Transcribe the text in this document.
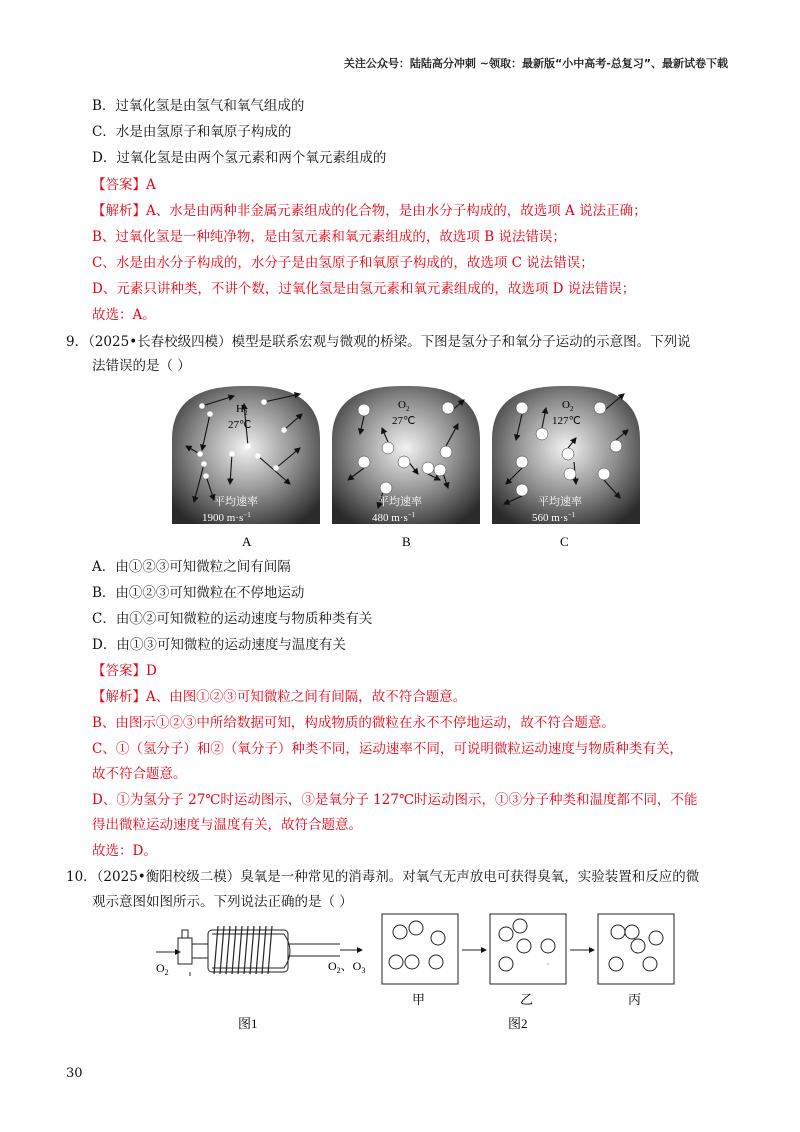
关注公众号：陆陆高分冲刺 ~领取：最新版“小中高考-总复习”、最新试卷下载
B．过氧化氢是由氢气和氧气组成的
C．水是由氢原子和氧原子构成的
D．过氧化氢是由两个氢元素和两个氧元素组成的
【答案】A
【解析】A、水是由两种非金属元素组成的化合物，是由水分子构成的，故选项 A 说法正确；
B、过氧化氢是一种纯净物，是由氢元素和氧元素组成的，故选项 B 说法错误；
C、水是由水分子构成的，水分子是由氢原子和氧原子构成的，故选项 C 说法错误；
D、元素只讲种类，不讲个数，过氧化氢是由氢元素和氧元素组成的，故选项 D 说法错误；
故选：A。
9．（2025•长春校级四模）模型是联系宏观与微观的桥梁。下图是氢分子和氧分子运动的示意图。下列说
法错误的是（ ）
$H_2$
27℃
平均速率
1900 $m\cdot s^{-1}$
A
$O_2$
27℃
平均速率
480 $m\cdot s^{-1}$
B
$O_2$
127℃
平均速率
560 $m\cdot s^{-1}$
C
A．由①②③可知微粒之间有间隔
B．由①②③可知微粒在不停地运动
C．由①②可知微粒的运动速度与物质种类有关
D．由①③可知微粒的运动速度与温度有关
【答案】D
【解析】A、由图①②③可知微粒之间有间隔，故不符合题意。
B、由图示①②③中所给数据可知，构成物质的微粒在永不不停地运动，故不符合题意。
C、①（氢分子）和②（氧分子）种类不同，运动速率不同，可说明微粒运动速度与物质种类有关，
故不符合题意。
D、①为氢分子 27℃时运动图示，③是氧分子 127℃时运动图示，①③分子种类和温度都不同，不能
得出微粒运动速度与温度有关，故符合题意。
故选：D。
10．（2025•衡阳校级二模）臭氧是一种常见的消毒剂。对氧气无声放电可获得臭氧，实验装置和反应的微
观示意图如图所示。下列说法正确的是（ ）
$O_2$	$O_2$、$O_3$
图1
甲	乙	丙
图2
30
